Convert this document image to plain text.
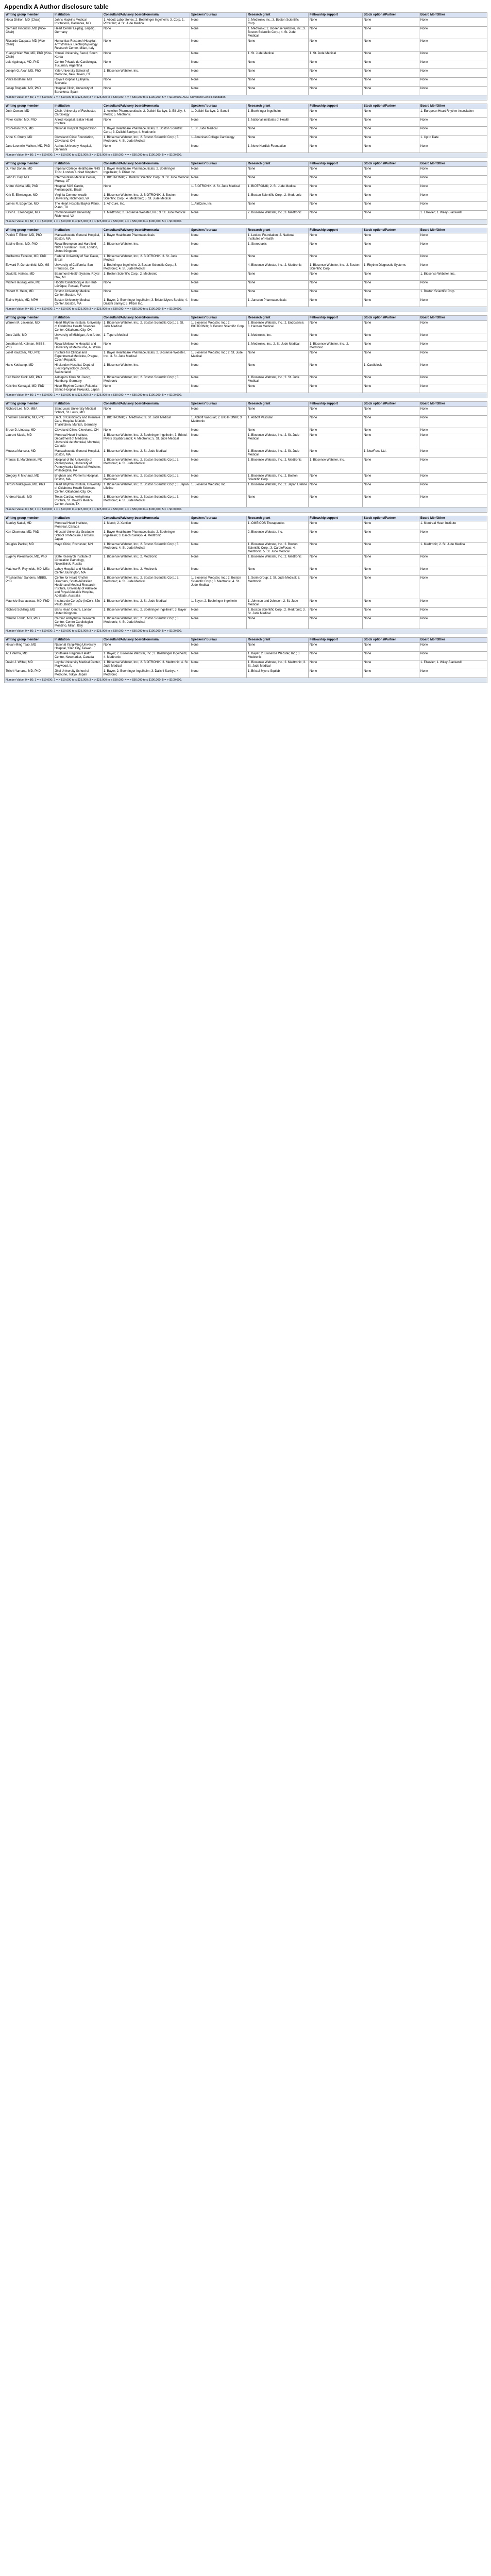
Appendix A Author disclosure table
Writing group member	Institution	Consultant/Advisory board/Honoraria	Speakers' bureau	Research grant	Fellowship support	Stock options/Partner	Board Mbr/Other
Hoda Dhillon, MD (Chair)	Johns Hopkins Medical Institutions, Baltimore, MD	1. Abbott Laboratories; 2. Boehringer Ingelheim; 3. Corp. 1, Pfizer Inc; 4. St. Jude Medical	None	2. Medtronic Inc.; 3. Boston Scientific Corp.	None	None	None
Gerhard Hindricks, MD (Vice-Chair)	Heart Center Leipzig, Leipzig, Germany	None	None	1. Medtronic; 2. Biosense Webster, Inc.; 3. Boston Scientific Corp.; 4. St. Jude Medical	None	None	None
Riccardo Cappato, MD (Vice-Chair)	Humanitas Research Hospital, Arrhythmia & Electrophysiology Research Center, Milan, Italy	None	None	None	None	None	None
Yuang-Hsien Wu, MD, PhD (Vice-Chair)	Yonsei University, Seoul, South Korea	None	None	1. St. Jude Medical	1. St. Jude Medical	None	None
Luis Aguinaga, MD, PhD	Centro Privado de Cardiologia, Tucuman, Argentina	None	None	None	None	None	None
Joseph G. Akar, MD, PhD	Yale University School of Medicine, New Haven, CT	1. Biosense Webster, Inc.	None	None	None	None	None
Vinita Bodhani, MD	Royal Hospital, Ljubljana, Slovenia	None	None	None	None	None	None
Josep Brugada, MD, PhD	Hospital Clinic, University of Barcelona, Spain	None	None	None	None	None	None
Number Value: 0 = $0; 1 = < $10,000; 2 = > $10,000 to ≤ $25,000; 3 = > $25,000 to ≤ $50,000; 4 = > $50,000 to ≤ $100,000; 5 = > $100,000. ACC: Cleveland Clinic Foundation.							
Writing group member	Institution	Consultant/Advisory board/Honoraria	Speakers' bureau	Research grant	Fellowship support	Stock options/Partner	Board Mbr/Other
Josh Cowan, MD	Chair, University of Rochester, Cardiology	1. Actelion Pharmaceuticals; 2. Daiichi Sankyo; 3. Eli Lilly; 4. Merck; 5. Medtronic	1. Daiichi Sankyo; 2. Sanofi	1. Boehringer Ingelheim	None	None	1. European Heart Rhythm Association
Peter Kistler, MD, PhD	Alfred Hospital, Baker Heart Institute	None	None	1. National Institutes of Health	None	None	None
Yoshi-Kan Choi, MD	National Hospital Organization	1. Bayer Healthcare Pharmaceuticals; 2. Boston Scientific Corp.; 3. Daiichi Sankyo; 4. Medtronic	1. St. Jude Medical	None	None	None	None
Anne K. Gruby, MD	Cleveland Clinic Foundation, Cleveland, OH	1. Biosense Webster, Inc.; 2. Boston Scientific Corp.; 3. Medtronic; 4. St. Jude Medical	1. American College Cardiology	None	None	None	1. Up to Date
Jane Leonelle Maiken, MD, PhD	Aarhus University Hospital, Denmark	None	None	1. Novo Nordisk Foundation	None	None	None
Number Value: 0 = $0; 1 = < $10,000; 2 = > $10,000 to ≤ $25,000; 3 = > $25,000 to ≤ $50,000; 4 = > $50,000 to ≤ $100,000; 5 = > $100,000.							
Writing group member	Institution	Consultant/Advisory board/Honoraria	Speakers' bureau	Research grant	Fellowship support	Stock options/Partner	Board Mbr/Other
D. Paul Dorian, MD	Imperial College Healthcare NHS Trust, London, United Kingdom	1. Bayer Healthcare Pharmaceuticals; 2. Boehringer Ingelheim; 3. Pfizer Inc.	None	None	None	None	None
John D. Day, MD	Intermountain Medical Center, Murray, UT	1. BIOTRONIK; 2. Boston Scientific Corp.; 3. St. Jude Medical	None	None	None	None	None
Andre d'Avila, MD, PhD	Hospital SOS Cardio, Florianopolis, Brazil	None	1. BIOTRONIK; 2. St. Jude Medical	1. BIOTRONIK; 2. St. Jude Medical	None	None	None
Kirk E. Ellenbogen, MD	Virginia Commonwealth University, Richmond, VA	1. Biosense Webster, Inc.; 2. BIOTRONIK; 3. Boston Scientific Corp.; 4. Medtronic; 5. St. Jude Medical	None	1. Boston Scientific Corp.; 2. Medtronic	None	None	None
James R. Edgerton, MD	The Heart Hospital Baylor Plano, Plano, TX	1. AtriCure, Inc.	1. AtriCure, Inc.	None	None	None	None
Kevin L. Ellenbogen, MD	Commonwealth University, Richmond, VA	1. Medtronic; 2. Biosense Webster, Inc.; 3. St. Jude Medical	None	2. Biosense Webster, Inc.; 3. Medtronic	None	None	1. Elsevier; 1. Wiley-Blackwell
Number Value: 0 = $0; 1 = < $10,000; 2 = > $10,000 to ≤ $25,000; 3 = > $25,000 to ≤ $50,000; 4 = > $50,000 to ≤ $100,000; 5 = > $100,000.							
Writing group member	Institution	Consultant/Advisory board/Honoraria	Speakers' bureau	Research grant	Fellowship support	Stock options/Partner	Board Mbr/Other
Patrick T. Ellinor, MD, PhD	Massachusetts General Hospital, Boston, MA	1. Bayer Healthcare Pharmaceuticals	None	1. Leducq Foundation; 2. National Institutes of Health	None	None	None
Sabine Ernst, MD, PhD	Royal Brompton and Harefield NHS Foundation Trust, London, United Kingdom	2. Biosense Webster, Inc.	None	1. Stereotaxis	None	None	None
Guilherme Fenelon, MD, PhD	Federal University of Sao Paulo, Brazil	1. Biosense Webster, Inc.; 2. BIOTRONIK; 3. St. Jude Medical	None	None	None	None	None
Edward P. Gerstenfeld, MD, MS	University of California, San Francisco, CA	1. Boehringer Ingelheim; 2. Boston Scientific Corp.; 3. Medtronic; 4. St. Jude Medical	None	4. Biosense Webster, Inc.; 2. Medtronic	1. Biosense Webster, Inc.; 2. Boston Scientific Corp.	1. Rhythm Diagnostic Systems	None
David E. Haines, MD	Beaumont Health System, Royal Oak, MI	1. Boston Scientific Corp.; 2. Medtronic	None	None	None	None	1. Biosense Webster, Inc.
Michel Haissaguerre, MD	Hôpital Cardiologique du Haut-Lévêque, Pessac, France	None	None	None	None	None	None
Robert H. Helm, MD	Boston University Medical Center, Boston, MA	None	None	None	None	None	1. Boston Scientific Corp.
Elaine Hylek, MD, MPH	Boston University Medical Center, Boston, MA	1. Bayer; 2. Boehringer Ingelheim; 3. Bristol-Myers Squibb; 4. Daiichi Sankyo; 5. Pfizer Inc.	None	1. Janssen Pharmaceuticals	None	None	None
Number Value: 0 = $0; 1 = < $10,000; 2 = > $10,000 to ≤ $25,000; 3 = > $25,000 to ≤ $50,000; 4 = > $50,000 to ≤ $100,000; 5 = > $100,000.							
Writing group member	Institution	Consultant/Advisory board/Honoraria	Speakers' bureau	Research grant	Fellowship support	Stock options/Partner	Board Mbr/Other
Warren M. Jackman, MD	Heart Rhythm Institute, University of Oklahoma Health Sciences Center, Oklahoma City, OK	1. Biosense Webster, Inc.; 2. Boston Scientific Corp.; 3. St. Jude Medical	1. Biosense Webster, Inc.; 2. BIOTRONIK; 3. Boston Scientific Corp.	1. Biosense Webster, Inc.; 2. Endosense; 3. Hansen Medical	None	None	None
Jose Jalife, MD	University of Michigan, Ann Arbor, MI	1. Topera Medical	None	1. Medtronic, Inc.	None	None	None
Jonathan M. Kalman, MBBS, PhD	Royal Melbourne Hospital and University of Melbourne, Australia	None	None	1. Medtronic, Inc.; 2. St. Jude Medical	1. Biosense Webster, Inc.; 2. Medtronic	None	None
Josef Kautzner, MD, PhD	Institute for Clinical and Experimental Medicine, Prague, Czech Republic	1. Bayer Healthcare Pharmaceuticals; 2. Biosense Webster, Inc.; 3. St. Jude Medical	1. Biosense Webster, Inc.; 2. St. Jude Medical	None	None	None	None
Hans Kottkamp, MD	Hirslanden Hospital, Dept. of Electrophysiology, Zurich, Switzerland	1. Biosense Webster, Inc.	None	None	None	1. Cardiolock	None
Karl Heinz Kuck, MD, PhD	Asklepios Klinik St. Georg, Hamburg, Germany	1. Biosense Webster, Inc.; 2. Boston Scientific Corp.; 3. Medtronic	None	1. Biosense Webster, Inc.; 2. St. Jude Medical	None	None	None
Koichiro Kumagai, MD, PhD	Heart Rhythm Center, Fukuoka Sanno Hospital, Fukuoka, Japan	None	None	None	None	None	None
Number Value: 0 = $0; 1 = < $10,000; 2 = > $10,000 to ≤ $25,000; 3 = > $25,000 to ≤ $50,000; 4 = > $50,000 to ≤ $100,000; 5 = > $100,000.							
Writing group member	Institution	Consultant/Advisory board/Honoraria	Speakers' bureau	Research grant	Fellowship support	Stock options/Partner	Board Mbr/Other
Richard Lee, MD, MBA	Saint Louis University Medical School, St. Louis, MO	None	None	None	None	None	None
Thorsten Lewalter, MD, PhD	Dept. of Cardiology and Intensive Care, Hospital Munich-Thalkirchen, Munich, Germany	1. BIOTRONIK; 2. Medtronic; 3. St. Jude Medical	1. Abbott Vascular; 2. BIOTRONIK; 3. Medtronic	1. Abbott Vascular	None	None	None
Bruce D. Lindsay, MD	Cleveland Clinic, Cleveland, OH	None	None	None	None	None	None
Laurent Macle, MD	Montreal Heart Institute, Department of Medicine, Université de Montréal, Montréal, Canada	1. Biosense Webster, Inc.; 2. Boehringer Ingelheim; 3. Bristol-Myers Squibb/Sanofi; 4. Medtronic; 5. St. Jude Medical	None	1. Biosense Webster, Inc.; 2. St. Jude Medical	None	None	None
Moussa Mansour, MD	Massachusetts General Hospital, Boston, MA	1. Biosense Webster, Inc.; 2. St. Jude Medical	None	1. Biosense Webster, Inc.; 2. St. Jude Medical	None	1. NewPace Ltd.	None
Francis E. Marchlinski, MD	Hospital of the University of Pennsylvania, University of Pennsylvania School of Medicine, Philadelphia, PA	1. Biosense Webster, Inc.; 2. Boston Scientific Corp.; 3. Medtronic; 4. St. Jude Medical	None	1. Biosense Webster, Inc.; 2. Medtronic	1. Biosense Webster, Inc.	None	None
Gregory F. Michaud, MD	Brigham and Women's Hospital, Boston, MA	1. Biosense Webster, Inc.; 2. Boston Scientific Corp.; 3. Medtronic	None	1. Biosense Webster, Inc.; 2. Boston Scientific Corp.	None	None	None
Hiroshi Nakagawa, MD, PhD	Heart Rhythm Institute, University of Oklahoma Health Sciences Center, Oklahoma City, OK	1. Biosense Webster, Inc.; 2. Boston Scientific Corp.; 3. Japan Lifeline	1. Biosense Webster, Inc.	1. Biosense Webster, Inc.; 2. Japan Lifeline	None	None	None
Andrea Natale, MD	Texas Cardiac Arrhythmia Institute, St. David's Medical Center, Austin, TX	1. Biosense Webster, Inc.; 2. Boston Scientific Corp.; 3. Medtronic; 4. St. Jude Medical	None	None	None	None	None
Number Value: 0 = $0; 1 = < $10,000; 2 = > $10,000 to ≤ $25,000; 3 = > $25,000 to ≤ $50,000; 4 = > $50,000 to ≤ $100,000; 5 = > $100,000.							
Writing group member	Institution	Consultant/Advisory board/Honoraria	Speakers' bureau	Research grant	Fellowship support	Stock options/Partner	Board Mbr/Other
Stanley Nattel, MD	Montreal Heart Institute, Montreal, Canada	1. Merck; 2. Xention	None	1. OMEICOS Therapeutics	None	None	1. Montreal Heart Institute
Ken Okumura, MD, PhD	Hirosaki University Graduate School of Medicine, Hirosaki, Japan	1. Bayer Healthcare Pharmaceuticals; 2. Boehringer Ingelheim; 3. Daiichi Sankyo; 4. Medtronic	None	2. Biosense Webster, Inc.	None	None	None
Douglas Packer, MD	Mayo Clinic, Rochester, MN	1. Biosense Webster, Inc.; 2. Boston Scientific Corp.; 3. Medtronic; 4. St. Jude Medical	None	1. Biosense Webster, Inc.; 2. Boston Scientific Corp.; 3. CardioFocus; 4. Medtronic; 5. St. Jude Medical	None	None	1. Medtronic; 2. St. Jude Medical
Evgeny Pokushalov, MD, PhD	State Research Institute of Circulation Pathology, Novosibirsk, Russia	1. Biosense Webster, Inc.; 2. Medtronic	None	1. Biosense Webster, Inc.; 2. Medtronic	None	None	None
Matthew R. Reynolds, MD, MSc	Lahey Hospital and Medical Center, Burlington, MA	1. Biosense Webster, Inc.; 2. Medtronic	None	None	None	None	None
Prashanthan Sanders, MBBS, PhD	Centre for Heart Rhythm Disorders, South Australian Health and Medical Research Institute, University of Adelaide and Royal Adelaide Hospital, Adelaide, Australia	1. Biosense Webster, Inc.; 2. Boston Scientific Corp.; 3. Medtronic; 4. St. Jude Medical	1. Biosense Webster, Inc.; 2. Boston Scientific Corp.; 3. Medtronic; 4. St. Jude Medical	1. Sorin Group; 2. St. Jude Medical; 3. Medtronic	None	None	None
Mauricio Scanavacca, MD, PhD	Instituto do Coração (InCor), São Paulo, Brazil	1. Biosense Webster, Inc.; 2. St. Jude Medical	1. Bayer; 2. Boehringer Ingelheim	1. Johnson and Johnson; 2. St. Jude Medical	None	None	None
Richard Schilling, MD	Barts Heart Centre, London, United Kingdom	1. Biosense Webster, Inc.; 2. Boehringer Ingelheim; 3. Bayer	None	1. Boston Scientific Corp.; 2. Medtronic; 3. St. Jude Medical	None	None	None
Claudio Tondo, MD, PhD	Cardiac Arrhythmia Research Centre, Centro Cardiologico Monzino, Milan, Italy	1. Biosense Webster, Inc.; 2. Boston Scientific Corp.; 3. Medtronic; 4. St. Jude Medical	None	None	None	None	None
Number Value: 0 = $0; 1 = < $10,000; 2 = > $10,000 to ≤ $25,000; 3 = > $25,000 to ≤ $50,000; 4 = > $50,000 to ≤ $100,000; 5 = > $100,000.							
Writing group member	Institution	Consultant/Advisory board/Honoraria	Speakers' bureau	Research grant	Fellowship support	Stock options/Partner	Board Mbr/Other
Hsuan-Ming Tsao, MD	National Yang-Ming University Hospital, Yilan City, Taiwan	None	None	None	None	None	None
Atul Verma, MD	Southlake Regional Health Centre, Newmarket, Canada	1. Bayer; 2. Biosense Webster, Inc.; 3. Boehringer Ingelheim; 4. Medtronic	None	1. Bayer; 2. Biosense Webster, Inc.; 3. Medtronic	None	None	None
David J. Wilber, MD	Loyola University Medical Center, Maywood, IL	1. Biosense Webster, Inc.; 2. BIOTRONIK; 3. Medtronic; 4. St. Jude Medical	None	1. Biosense Webster, Inc.; 2. Medtronic; 3. St. Jude Medical	None	None	1. Elsevier; 1. Wiley-Blackwell
Teiichi Yamane, MD, PhD	Jikei University School of Medicine, Tokyo, Japan	1. Bayer; 2. Boehringer Ingelheim; 3. Daiichi Sankyo; 4. Medtronic	None	1. Bristol-Myers Squibb	None	None	None
Number Value: 0 = $0; 1 = < $10,000; 2 = > $10,000 to ≤ $25,000; 3 = > $25,000 to ≤ $50,000; 4 = > $50,000 to ≤ $100,000; 5 = > $100,000.							
